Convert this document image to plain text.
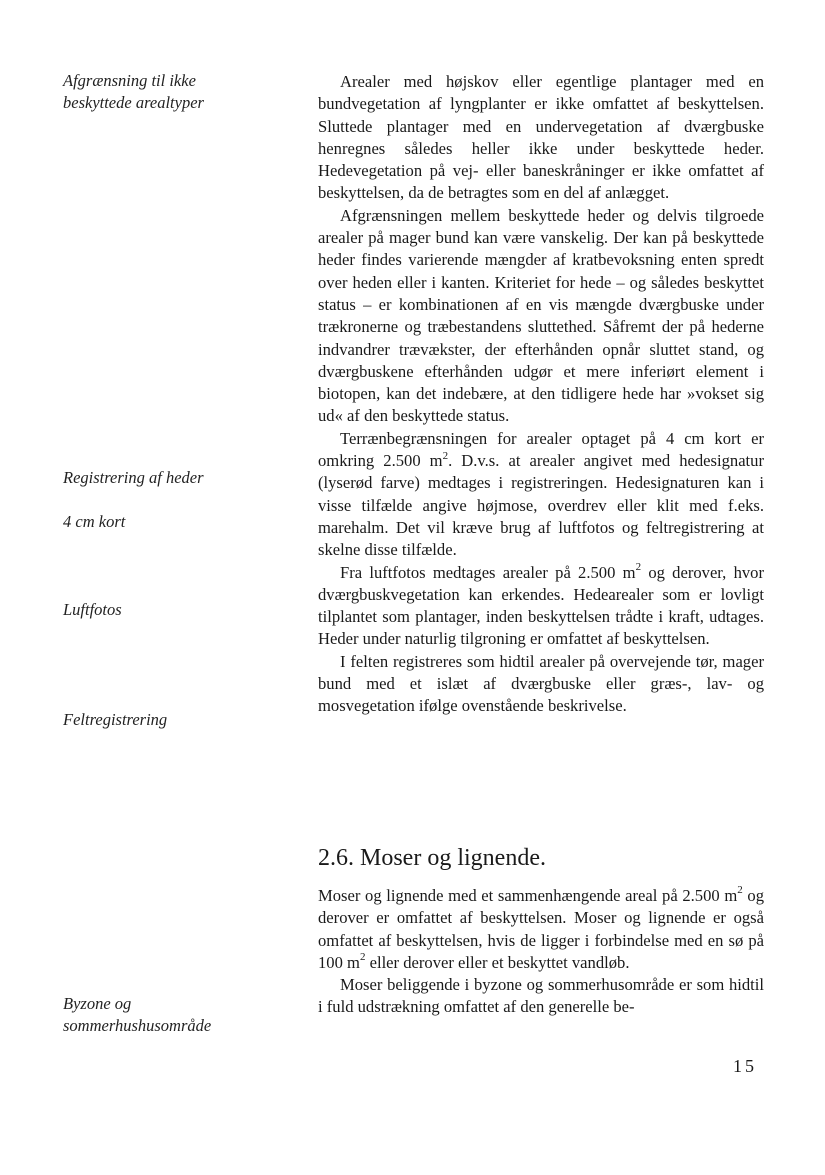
Afgrænsning til ikke
beskyttede arealtyper
Registrering af heder
4 cm kort
Luftfotos
Feltregistrering
Byzone og
sommerhushusområde

Arealer med højskov eller egentlige plantager med en bundvegetation af lyngplanter er ikke omfattet af beskyttelsen. Sluttede plantager med en undervegetation af dværgbuske henregnes således heller ikke under beskyttede heder. Hedevegetation på vej- eller baneskråninger er ikke omfattet af beskyttelsen, da de betragtes som en del af anlægget.

Afgrænsningen mellem beskyttede heder og delvis tilgroede arealer på mager bund kan være vanskelig. Der kan på beskyttede heder findes varierende mængder af kratbevoksning enten spredt over heden eller i kanten. Kriteriet for hede – og således beskyttet status – er kombinationen af en vis mængde dværgbuske under trækronerne og træbestandens sluttethed. Såfremt der på hederne indvandrer trævækster, der efterhånden opnår sluttet stand, og dværgbuskene efterhånden udgør et mere inferiørt element i biotopen, kan det indebære, at den tidligere hede har »vokset sig ud« af den beskyttede status.

Terrænbegrænsningen for arealer optaget på 4 cm kort er omkring 2.500 $m^2$. D.v.s. at arealer angivet med hedesignatur (lyserød farve) medtages i registreringen. Hedesignaturen kan i visse tilfælde angive højmose, overdrev eller klit med f.eks. marehalm. Det vil kræve brug af luftfotos og feltregistrering at skelne disse tilfælde.

Fra luftfotos medtages arealer på 2.500 $m^2$ og derover, hvor dværgbuskvegetation kan erkendes. Hedearealer som er lovligt tilplantet som plantager, inden beskyttelsen trådte i kraft, udtages. Heder under naturlig tilgroning er omfattet af beskyttelsen.

I felten registreres som hidtil arealer på overvejende tør, mager bund med et islæt af dværgbuske eller græs-, lav- og mosvegetation ifølge ovenstående beskrivelse.

2.6. Moser og lignende.

Moser og lignende med et sammenhængende areal på 2.500 $m^2$ og derover er omfattet af beskyttelsen. Moser og lignende er også omfattet af beskyttelsen, hvis de ligger i forbindelse med en sø på 100 $m^2$ eller derover eller et beskyttet vandløb.

Moser beliggende i byzone og sommerhusområde er som hidtil i fuld udstrækning omfattet af den generelle be-

15
